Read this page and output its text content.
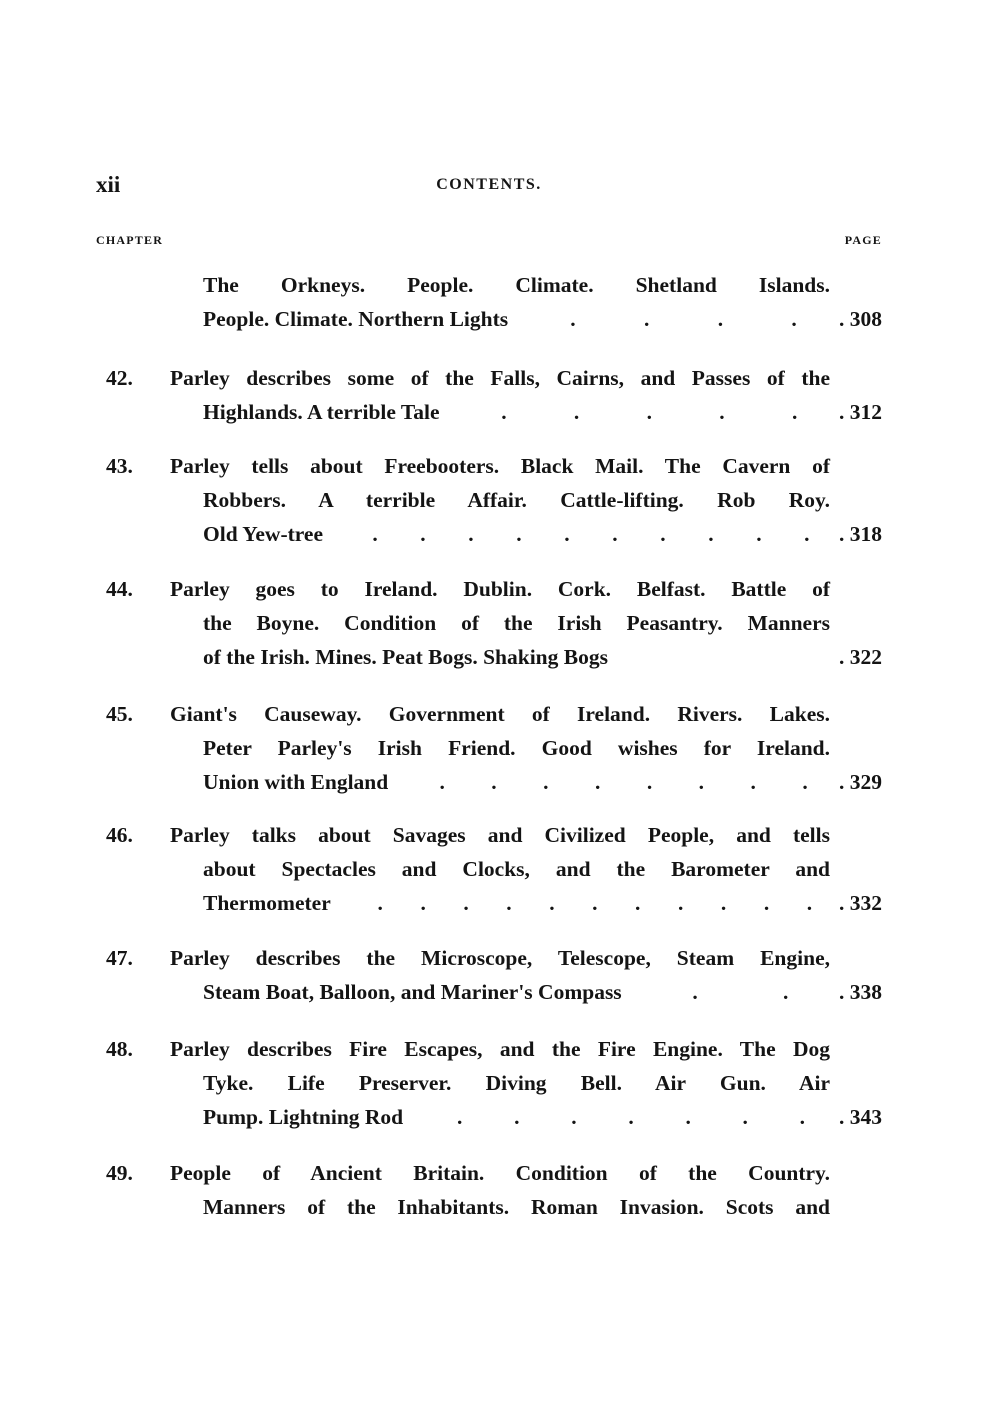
xii	CONTENTS.
CHAPTER	PAGE
The Orkneys. People. Climate. Shetland Islands.
People. Climate. Northern Lights	.	.	.	. . 308
42. Parley describes some of the Falls, Cairns, and Passes of the
Highlands. A terrible Tale	.	.	.	.	. . 312
43. Parley tells about Freebooters. Black Mail. The Cavern of
Robbers. A terrible Affair. Cattle-lifting. Rob Roy.
Old Yew-tree . . . . . . . . . . . 318
44. Parley goes to Ireland. Dublin. Cork. Belfast. Battle of
the Boyne. Condition of the Irish Peasantry. Manners
of the Irish. Mines. Peat Bogs. Shaking Bogs	. 322
45. Giant's Causeway. Government of Ireland. Rivers. Lakes.
Peter Parley's Irish Friend. Good wishes for Ireland.
Union with England . . . . . . . . . 329
46. Parley talks about Savages and Civilized People, and tells
about Spectacles and Clocks, and the Barometer and
Thermometer . . . . . . . . . . . . 332
47. Parley describes the Microscope, Telescope, Steam Engine,
Steam Boat, Balloon, and Mariner's Compass	.	. . 338
48. Parley describes Fire Escapes, and the Fire Engine. The Dog
Tyke. Life Preserver. Diving Bell. Air Gun. Air
Pump. Lightning Rod	. . . . . . . . 343
49. People of Ancient Britain. Condition of the Country.
Manners of the Inhabitants. Roman Invasion. Scots and
